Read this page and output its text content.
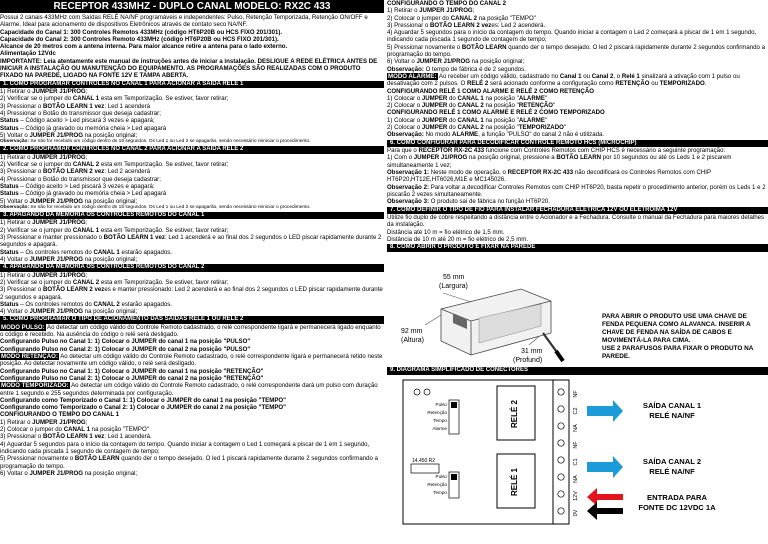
RECEPTOR 433MHZ - DUPLO CANAL MODELO: RX2C 433
Possui 2 canais 433MHz com Saídas RELÉ NA/NF programáveis e independentes: Pulso, Retenção Temporizada, Retenção ON/OFF e Alarme. Ideal para acionamento de dispositivos Eletrônicos através de contato seco NA/NF.
Capacidade do Canal 1: 300 Controles Remotos 433MHz (código HT6P20B ou HCS FIXO 201/301).
Capacidade do Canal 2: 300 Controles Remoto 433MHz (código HT6P20B ou HCS FIXO 201/301).
Alcance de 20 metros com a antena interna. Para maior alcance retire a antena para o lado externo.
Alimentação 12Vdc
IMPORTANTE: Leia atentamente este manual de instruções antes de iniciar a instalação. DESLIGUE A REDE ELÉTRICA ANTES DE INICIAR A INSTALAÇÃO OU MANUTENÇÃO DO EQUIPAMENTO. AS PROGRAMAÇÕES SÃO REALIZADAS COM O PRODUTO FIXADO NA PAREDE, LIGADO NA FONTE 12V E TAMPA ABERTA.
1. COMO PROGRAMAR CONTROLES NO CANAL 1 PARA ACIONAR A SAÍDA RELÉ 1
1) Retirar o JUMPER J1/PROG;
2) Verificar se o jumper do CANAL 1 esta em Temporização. Se estiver, favor retirar;
3) Pressionar o BOTÃO LEARN 1 vez: Led 1 acenderá
4) Pressionar o Botão do transmissor que deseja cadastrar;
Status – Código aceito > Led piscará 3 vezes e apagará;
Status – Código já gravado ou memória cheia > Led apagará
5) Voltar o JUMPER J1/PROG na posição original;
Observação: Se não for recebido um código dentro de 15 segundos. Os Led 1 ou Led 2 se apagarão, sendo necessário reiniciar o procedimento.
2. COMO PROGRAMAR CONTROLES NO CANAL 2 PARA ACIONAR A SAÍDA RELÉ 2
1) Retirar o JUMPER J1/PROG;
2) Verificar se o jumper do CANAL 2 esta em Temporização. Se estiver, favor retirar;
3) Pressionar o BOTÃO LEARN 2 vez: Led 2 acenderá
4) Pressionar o Botão do transmissor que deseja cadastrar;
Status – Código aceito > Led piscará 3 vezes e apagará;
Status – Código já gravado ou memória cheia > Led apagará
5) Voltar o JUMPER J1/PROG na posição original;
Observação: Se não for recebido um código dentro de 15 segundos. Os Led 1 ou Led 2 se apagarão, sendo necessário reiniciar o procedimento.
3. APAGANDO DA MEMÓRIA OS CONTROLES REMOTOS DO CANAL 1
1) Retirar o JUMPER J1/PROG;
2) Verificar se o jumper do CANAL 1 esta em Temporização. Se estiver, favor retirar;
3) Pressionar e manter pressionado o BOTÃO LEARN 1 vez: Led 1 acenderá e ao final dos 2 segundos o LED piscar rapidamente durante 2 segundos e apagará.
Status – Os controles remotos do CANAL 1 estarão apagados.
4) Voltar o JUMPER J1/PROG na posição original;
4. APAGANDO DA MEMÓRIA OS CONTROLES REMOTOS DO CANAL 2
1) Retirar o JUMPER J1/PROG;
2) Verificar se o jumper do CANAL 2 esta em Temporização. Se estiver, favor retirar;
3) Pressionar o BOTÃO LEARN 2 vezes e manter pressionado: Led 2 acenderá e ao final dos 2 segundos o LED piscar rapidamente durante 2 segundos e apagará.
Status – Os controles remotos do CANAL 2 estarão apagados.
4) Voltar o JUMPER J1/PROG na posição original;
5. COMO PROGRAMAR O TIPO DE ACIONAMENTO DAS SAÍDAS RELÉ 1 OU RELÉ 2
MODO PULSO: Ao detectar um código válido do Controle Remoto cadastrado, o relé correspondente ligará e permanecerá ligado enquanto o código é recebido. Na ausência do código o relé será desligado.
Configurando Pulso no Canal 1: 1) Colocar o JUMPER do canal 1 na posição "PULSO"
Configurando Pulso no Canal 2: 1) Colocar o JUMPER do canal 2 na posição "PULSO"
MODO RETENÇÃO: Ao detectar um código válido do Controle Remoto cadastrado, o relé correspondente ligará e permanecerá retido neste posição. Ao detectar novamente um código válido, o relé será desligado.
Configurando Pulso no Canal 1: 1) Colocar o JUMPER do canal 1 na posição "RETENÇÃO"
Configurando Pulso no Canal 2: 1) Colocar o JUMPER do canal 2 na posição "RETENÇÃO"
MODO TEMPORIZADO: Ao detectar um código válido do Controle Remoto cadastrado, o relé correspondente dará um pulso com duração entre 1 segundo e 255 segundos determinada por configuração.
Configurando como Temporizado o Canal 1: 1) Colocar o JUMPER do canal 1 na posição "TEMPO"
Configurando como Temporizado o Canal 2: 1) Colocar o JUMPER do canal 2 na posição "TEMPO"
CONFIGURANDO O TEMPO DO CANAL 1
1) Retirar o JUMPER J1/PROG;
2) Colocar o jumper do CANAL 1 na posição "TEMPO"
3) Pressionar o BOTÃO LEARN 1 vez: Led 1 acenderá.
4) Aguardar 5 segundos para o início da contagem do tempo. Quando iniciar a contagem o Led 1 começará a piscar de 1 em 1 segundo, indicando cada piscada 1 segundo de contagem de tempo;
5) Pressionar novamente o BOTÃO LEARN quando der o tempo desejado. O led 1 piscará rapidamente durante 2 segundos confirmando a programação do tempo.
6) Voltar o JUMPER J1/PROG na posição original;
CONFIGURANDO O TEMPO DO CANAL 2
1) Retirar o JUMPER J1/PROG;
2) Colocar o jumper do CANAL 2 na posição "TEMPO"
3) Pressionar o BOTÃO LEARN 2 vezes: Led 2 acenderá.
4) Aguardar 5 segundos para o início da contagem do tempo. Quando iniciar a contagem o Led 2 começará a piscar de 1 em 1 segundo, indicando cada piscada 1 segundo de contagem de tempo;
5) Pressionar novamente o BOTÃO LEARN quando der o tempo desejado. O led 2 piscará rapidamente durante 2 segundos confirmando a programação do tempo.
6) Voltar o JUMPER J1/PROG na posição original;
Observação: O tempo de fábrica é de 2 segundos.
MODO ALARME: Ao receber um código válido, cadastrado no Canal 1 ou Canal 2, o Relé 1 sinalizará a ativação com 1 pulso ou desativação com 2 pulsos. O RELÉ 2 será acionado conforme a configuração como RETENÇÃO ou TEMPORIZADO.
CONFIGURANDO RELÉ 1 COMO ALARME E RELÉ 2 COMO RETENÇÃO
1) Colocar o JUMPER do CANAL 1 na posição "ALARME"
2) Colocar o JUMPER do CANAL 2 na posição "RETENÇÃO"
CONFIGURANDO RELÉ 1 COMO ALARME E RELÉ 2 COMO TEMPORIZADO
1) Colocar o JUMPER do CANAL 1 na posição "ALARME"
2) Colocar o JUMPER do CANAL 2 na posição "TEMPORIZADO"
Observação: No modo ALARME, a função "PULSO" do canal 2 não é utilizada.
6. COMO CONFIGURAR PARA DECODIFICAR CONTROLE REMOTO HCS (MICROCHIP)
Para que o RECEPTOR RX-2C 433 funcione com Controles Remotos com CHIP HCS é necessário a seguinte programação:
1) Com o JUMPER J1/PROG na posição original, pressione a BOTÃO LEARN por 10 segundos ou até os Leds 1 e 2 piscarem simultaneamente 1 vez;
Observação 1: Neste modo de operação, o RECEPTOR RX-2C 433 não decodificará os Controles Remotos com CHIP HT6P20,HT12E,HT6026,M1E e MC145026.
Observação 2: Para voltar a decodificar Controles Remotos com CHIP HT6P20, basta repetir o procedimento anterior, porém os Leds 1 e 2 piscarão 2 vezes simultaneamente.
Observação 3: O produto sai de fábrica no função HT6P20.
7. COMO DEFINIR O TIPO DE FIO PARA INSTALAR FECHADURA ELÉTRICA 12V OU ELETROÍMÃ 12V
Utilize fio duplo de cobre respeitando a distância entre o Acionador e a Fechadura. Consulte o manual da Fechadura para maiores detalhes da instalação.
Distância até 10 m = fio elétrico de 1,5 mm.
Distância de 10 m até 20 m = fio elétrico de 2,5 mm.
8. COMO ABRIR O PRODUTO E FIXAR NA PAREDE
55 mm
(Largura)
92 mm
(Altura)
31 mm
(Profund)
PARA ABRIR O PRODUTO USE UMA CHAVE DE FENDA PEQUENA COMO ALAVANCA. INSERIR A CHAVE DE FENDA NA SAÍDA DE CABOS E MOVIMENTÁ-LA PARA CIMA. USE 2 PARAFUSOS PARA FIXAR O PRODUTO NA PAREDE.
RELÉ 2
RELÉ 1
14.450 R2
Pulso
Retenção
Tempo
Alarme
Pulso
Retenção
Tempo
NF
C2
NA
NF
C1
NA
12V
0V
SAÍDA CANAL 1
RELÉ NA/NF
SAÍDA CANAL 2
RELÉ NA/NF
ENTRADA PARA
FONTE DC 12VDC 1A
9. DIAGRAMA SIMPLIFICADO DE CONECTORES
